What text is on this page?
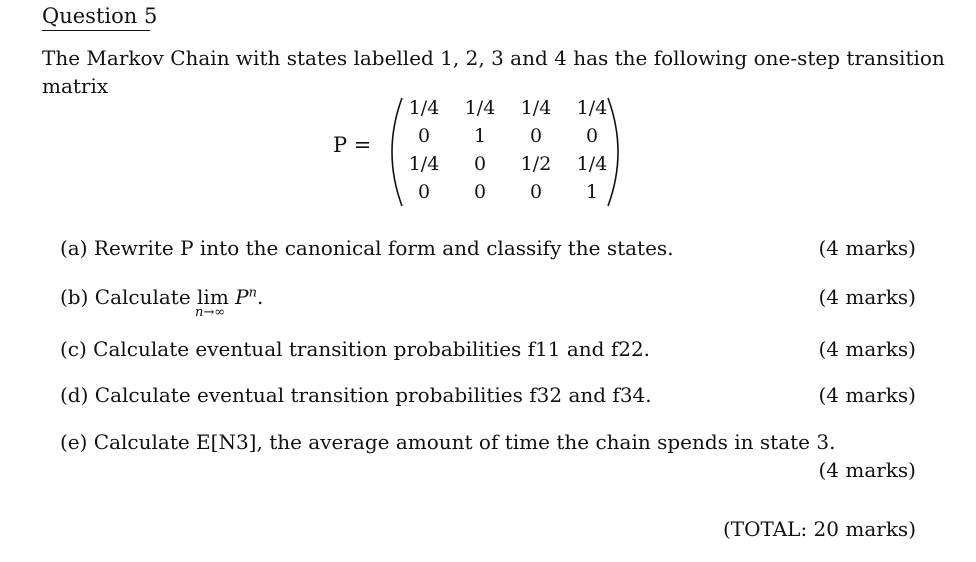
Question 5
The Markov Chain with states labelled 1, 2, 3 and 4 has the following one-step transition
matrix
P =
1/4	1/4	1/4	1/4
0	1	0	0
1/4	0	1/2	1/4
0	0	0	1
(a) Rewrite P into the canonical form and classify the states.	(4 marks)
(b) Calculate lim
n→∞
$P^n$.	(4 marks)
(c) Calculate eventual transition probabilities f11 and f22.	(4 marks)
(d) Calculate eventual transition probabilities f32 and f34.	(4 marks)
(e) Calculate E[N3], the average amount of time the chain spends in state 3.
(4 marks)
(TOTAL: 20 marks)
